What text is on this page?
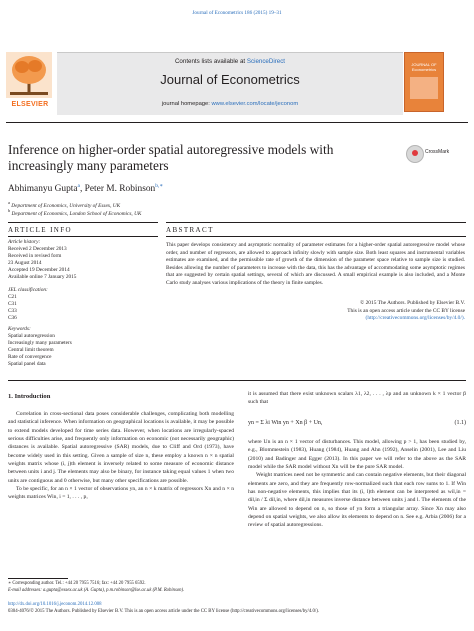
Journal of Econometrics 186 (2015) 19–31
Contents lists available at ScienceDirect
Journal of Econometrics
journal homepage: www.elsevier.com/locate/jeconom
ELSEVIER
JOURNAL OF Econometrics
Inference on higher-order spatial autoregressive models with increasingly many parameters
CrossMark
Abhimanyu Gupta$^a$, Peter M. Robinson$^{b,∗}$
$^a$ Department of Economics, University of Essex, UK
$^b$ Department of Economics, London School of Economics, UK
ARTICLE INFO
Article history:
Received 2 December 2013
Received in revised form
23 August 2014
Accepted 19 December 2014
Available online 7 January 2015
JEL classification:
C21
C31
C33
C36
Keywords:
Spatial autoregression
Increasingly many parameters
Central limit theorem
Rate of convergence
Spatial panel data
ABSTRACT
This paper develops consistency and asymptotic normality of parameter estimates for a higher-order spatial autoregressive model whose order, and number of regressors, are allowed to approach infinity slowly with sample size. Both least squares and instrumental variables estimates are examined, and the permissible rate of growth of the dimension of the parameter space relative to sample size is studied. Besides allowing the number of parameters to increase with the data, this has the advantage of accommodating some asymptotic regimes that are suggested by certain spatial settings, several of which are discussed. A small empirical example is also included, and a Monte Carlo study analyses various implications of the theory in finite samples.
© 2015 The Authors. Published by Elsevier B.V.
This is an open access article under the CC BY license
(http://creativecommons.org/licenses/by/4.0/).
1. Introduction

Correlation in cross-sectional data poses considerable challenges, complicating both modelling and statistical inference. When information on geographical locations is available, it may be possible to extend models developed for time series data. However, when locations are irregularly-spaced serious difficulties arise, and frequently only information on economic (not necessarily geographic) distances is available. Spatial autoregressive (SAR) models, due to Cliff and Ord (1973), have become widely used in this setting. Given a sample of size n, these employ a known n × n spatial weights matrix whose (i, j)th element is inversely related to some measure of economic distance between units i and j. The elements may also be binary, for instance taking equal values 1 when two units are contiguous and 0 otherwise, but many other specifications are possible.

To be specific, for an n × 1 vector of observations yn, an n × k matrix of regressors Xn and n × n weights matrices Win, i = 1, . . . , p,

it is assumed that there exist unknown scalars λ1, λ2, . . . , λp and an unknown k × 1 vector β such that

yn = Σ λi Win yn + Xn β + Un,	(1.1)

where Un is an n × 1 vector of disturbances. This model, allowing p > 1, has been studied by, e.g., Blommestein (1983), Huang (1984), Huang and Ahn (1992), Anselin (2001), Lee and Liu (2010) and Badinger and Egger (2013). In this paper we will refer to the above as the SAR model while the SAR model without Xn will be the pure SAR model.

Weight matrices need not be symmetric and can contain negative elements, but their diagonal elements are zero, and they are frequently row-normalized such that each row sums to 1. If Win has non-negative elements, this implies that its (i, l)th element can be interpreted as wil,in = dil,in / Σ dil,in, where dil,in measures inverse distance between units j and l. The elements of the Win are allowed to depend on n, so those of yn form a triangular array. Since Xn may also depend on spatial weights, we also allow its elements to depend on n. See e.g. Arbia (2006) for a review of spatial autoregressions.

∗ Corresponding author. Tel.: +44 20 7955 7516; fax: +44 20 7955 6592.
E-mail addresses: a.gupta@essex.ac.uk (A. Gupta), p.m.robinson@lse.ac.uk (P.M. Robinson).
http://dx.doi.org/10.1016/j.jeconom.2014.12.008
0304-4076/© 2015 The Authors. Published by Elsevier B.V. This is an open access article under the CC BY license (http://creativecommons.org/licenses/by/4.0/).
